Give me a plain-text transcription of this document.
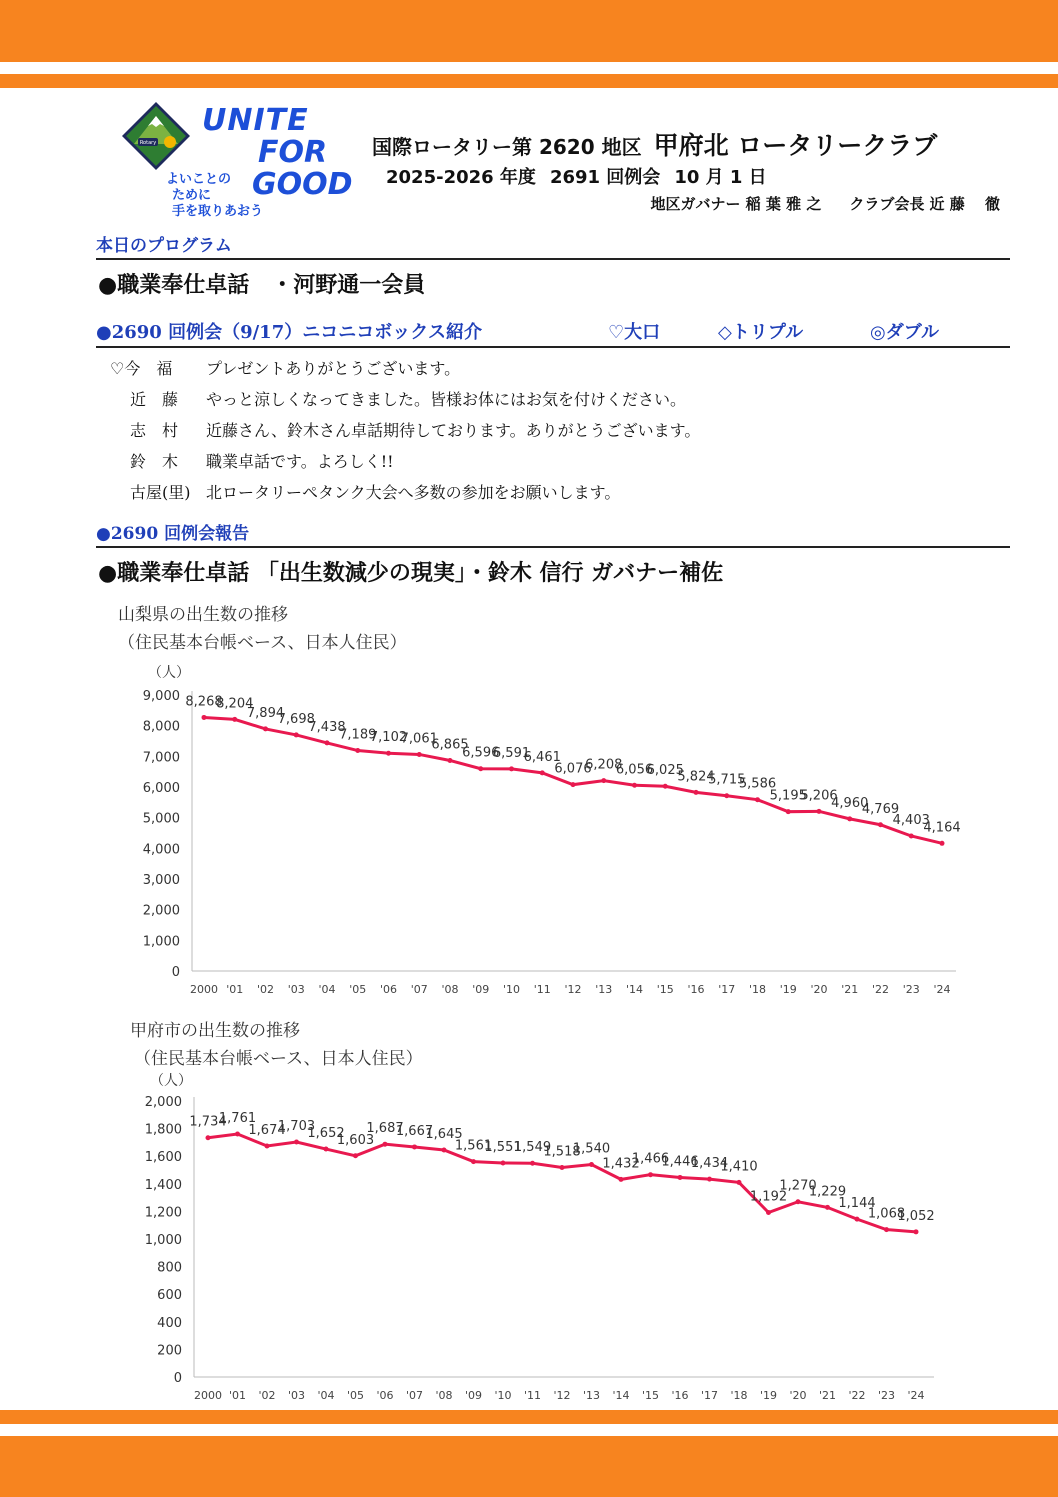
Rotary
UNITE
FOR
GOOD
よいことの
ために
手を取りあおう
国際ロータリー第 2620 地区 甲府北 ロータリークラブ
2025-2026 年度 2691 回例会 10 月 1 日
地区ガバナー 稲 葉 雅 之 クラブ会長 近 藤　 徹
本日のプログラム
●職業奉仕卓話　・河野通一会員
●2690 回例会（9/17）ニコニコボックス紹介	♡大口	◇トリプル	◎ダブル
♡今　福 プレゼントありがとうございます。
近　藤 やっと涼しくなってきました。皆様お体にはお気を付けください。
志　村 近藤さん、鈴木さん卓話期待しております。ありがとうございます。
鈴　木 職業卓話です。よろしく!!
古屋(里) 北ロータリーペタンク大会へ多数の参加をお願いします。
●2690 回例会報告
●職業奉仕卓話 「出生数減少の現実」・鈴木 信行 ガバナー補佐
山梨県の出生数の推移
（住民基本台帳ベース、日本人住民）
（人）
9,000
8,000
7,000
6,000
5,000
4,000
3,000
2,000
1,000
0
2000 '01 '02 '03 '04 '05 '06 '07 '08 '09 '10 '11 '12 '13 '14 '15 '16 '17 '18 '19 '20 '21 '22 '23 '24
8,268
8,204
7,894
7,698
7,438
7,189
7,102
7,061
6,865
6,596
6,591
6,461
6,076
6,208
6,056
6,025
5,824
5,715
5,586
5,195
5,206
4,960
4,769
4,403
4,164
甲府市の出生数の推移
（住民基本台帳ベース、日本人住民）
（人）
2,000
1,800
1,600
1,400
1,200
1,000
800
600
400
200
0
2000 '01 '02 '03 '04 '05 '06 '07 '08 '09 '10 '11 '12 '13 '14 '15 '16 '17 '18 '19 '20 '21 '22 '23 '24
1,734
1,761
1,674
1,703
1,652
1,603
1,687
1,667
1,645
1,561
1,551
1,549
1,518
1,540
1,432
1,466
1,446
1,434
1,410
1,192
1,270
1,229
1,144
1,068
1,052
